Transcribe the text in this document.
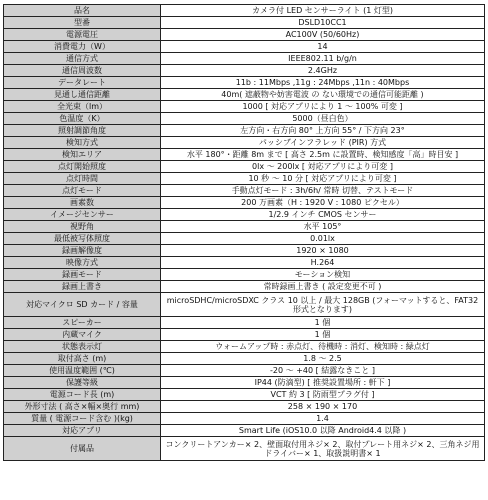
品名	カメラ付 LED センサーライト (1 灯型)
型番	DSLD10CC1
電源電圧	AC100V (50/60Hz)
消費電力（W）	14
通信方式	IEEE802.11 b/g/n
通信周波数	2.4GHz
データレート	11b : 11Mbps ,11g : 24Mbps ,11n : 40Mbps
見通し通信距離	40m( 遮蔽物や妨害電波 の ない環境での通信可能距離 )
全光束（lm）	1000 [ 対応アプリにより 1 ～ 100% 可変 ]
色温度（K）	5000（昼白色）
照射調節角度	左方向・右方向 80° 上方向 55° / 下方向 23°
検知方式	パッシブインフラレッド (PIR) 方式
検知エリア	水平 180°・距離 8m まで [ 高さ 2.5m に設置時、検知感度「高」時目安 ]
点灯開始照度	0lx ～ 200lx [ 対応アプリにより可変 ]
点灯時間	10 秒 ～ 10 分 [ 対応アプリにより可変 ]
点灯モード	手動点灯モード : 3h/6h/ 常時 切替、テストモード
画素数	200 万画素（H : 1920 V : 1080 ピクセル）
イメージセンサー	1/2.9 インチ CMOS センサー
視野角	水平 105°
最低被写体照度	0.01lx
録画解像度	1920 × 1080
映像方式	H.264
録画モード	モーション検知
録画上書き	常時録画上書き ( 設定変更不可 )
対応マイクロ SD カード / 容量	microSDHC/microSDXC クラス 10 以上 / 最大 128GB (フォーマットすると、FAT32 形式となります)
スピーカー	1 個
内蔵マイク	1 個
状態表示灯	ウォームアップ時 : 赤点灯、待機時 : 消灯、検知時 : 緑点灯
取付高さ (m)	1.8 ～ 2.5
使用温度範囲 (℃)	-20 ～ +40 [ 結露なきこと ]
保護等級	IP44 (防滴型) [ 推奨設置場所 : 軒下 ]
電源コード長 (m)	VCT 約 3 [ 防雨型プラグ付 ]
外形寸法 ( 高さ×幅×奥行 mm)	258 × 190 × 170
質量 ( 電源コード含む )(kg)	1.4
対応アプリ	Smart Life (iOS10.0 以降 Android4.4 以降 )
付属品	コンクリートアンカー× 2、壁面取付用ネジ× 2、取付プレート用ネジ× 2、三角ネジ用ドライバー× 1、取扱説明書× 1
